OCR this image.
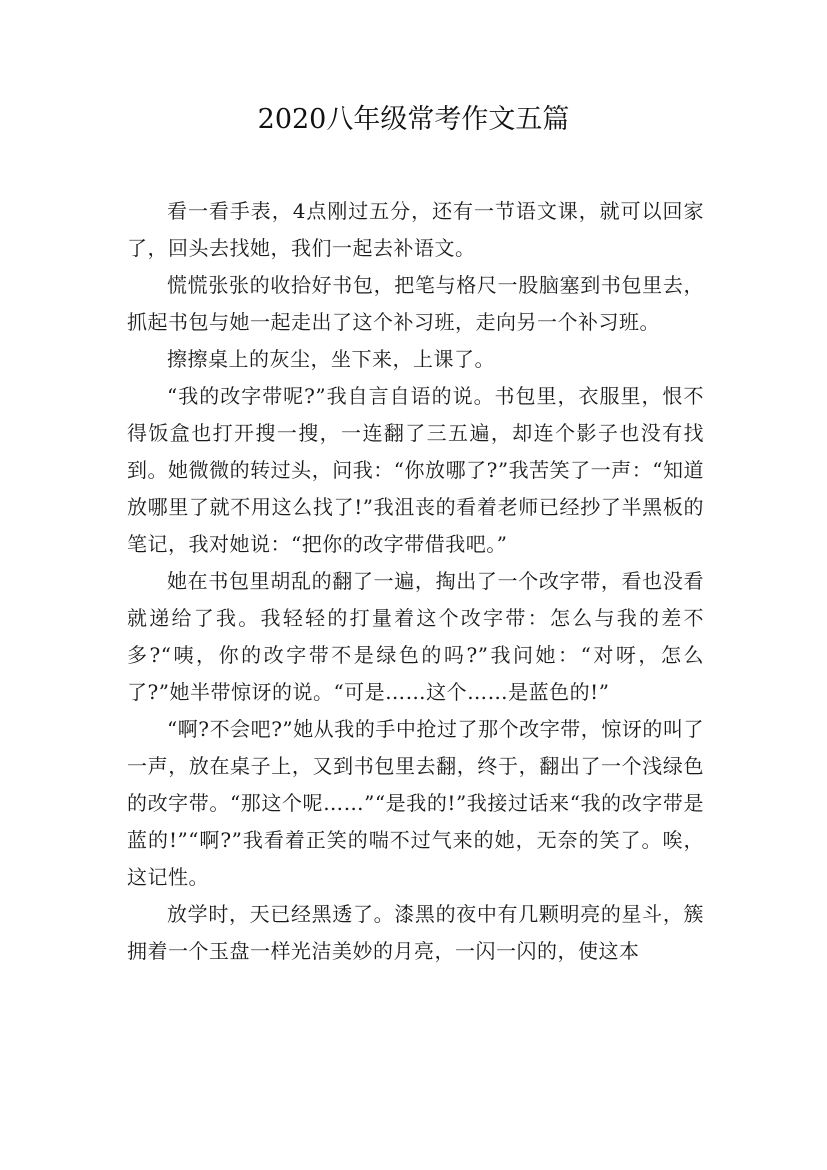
2020八年级常考作文五篇

看一看手表，4点刚过五分，还有一节语文课，就可以回家了，回头去找她，我们一起去补语文。

慌慌张张的收拾好书包，把笔与格尺一股脑塞到书包里去，抓起书包与她一起走出了这个补习班，走向另一个补习班。

擦擦桌上的灰尘，坐下来，上课了。

“我的改字带呢?”我自言自语的说。书包里，衣服里，恨不得饭盒也打开搜一搜，一连翻了三五遍，却连个影子也没有找到。她微微的转过头，问我：“你放哪了?”我苦笑了一声：“知道放哪里了就不用这么找了!”我沮丧的看着老师已经抄了半黑板的笔记，我对她说：“把你的改字带借我吧。”

她在书包里胡乱的翻了一遍，掏出了一个改字带，看也没看就递给了我。我轻轻的打量着这个改字带：怎么与我的差不多?“咦，你的改字带不是绿色的吗?”我问她：“对呀，怎么了?”她半带惊讶的说。“可是……这个……是蓝色的!”

“啊?不会吧?”她从我的手中抢过了那个改字带，惊讶的叫了一声，放在桌子上，又到书包里去翻，终于，翻出了一个浅绿色的改字带。“那这个呢……”“是我的!”我接过话来“我的改字带是蓝的!”“啊?”我看着正笑的喘不过气来的她，无奈的笑了。唉，这记性。

放学时，天已经黑透了。漆黑的夜中有几颗明亮的星斗，簇拥着一个玉盘一样光洁美妙的月亮，一闪一闪的，使这本
